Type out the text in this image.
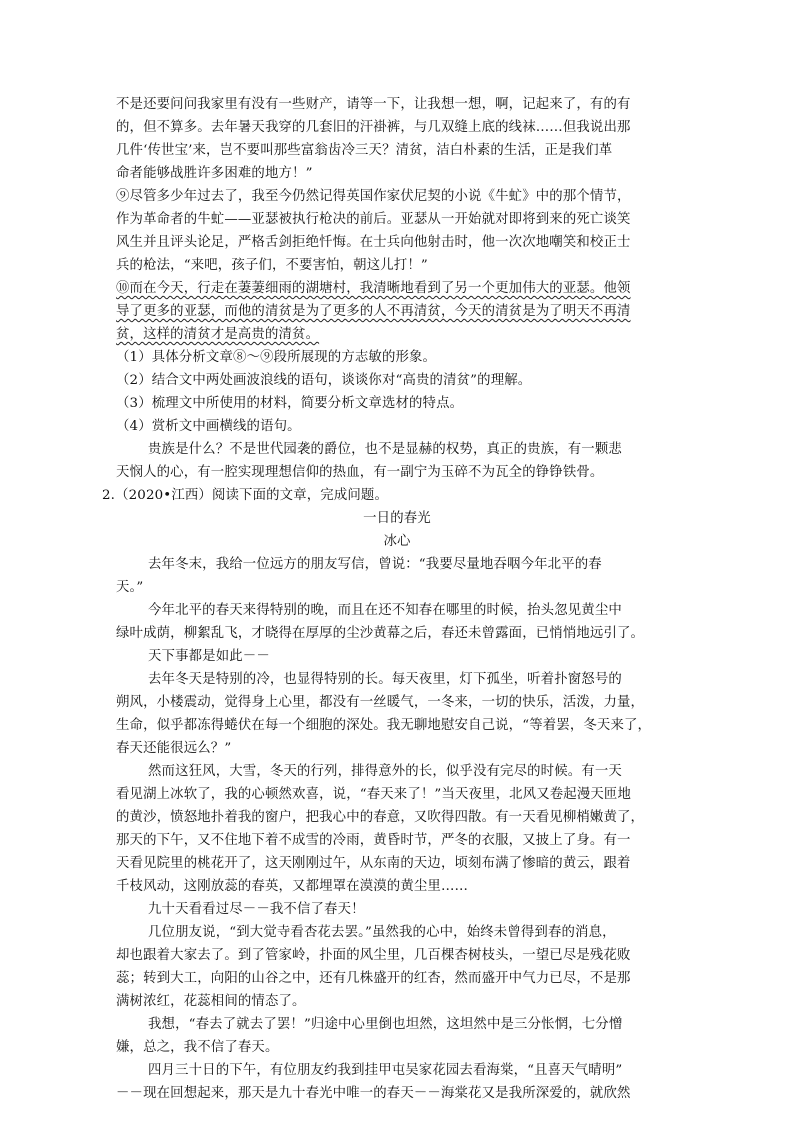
不是还要问问我家里有没有一些财产，请等一下，让我想一想，啊，记起来了，有的有
的，但不算多。去年暑天我穿的几套旧的汗褂裤，与几双缝上底的线袜……但我说出那
几件‘传世宝’来，岂不要叫那些富翁齿冷三天？清贫，洁白朴素的生活，正是我们革
命者能够战胜许多困难的地方！”
⑨尽管多少年过去了，我至今仍然记得英国作家伏尼契的小说《牛虻》中的那个情节，
作为革命者的牛虻——亚瑟被执行枪决的前后。亚瑟从一开始就对即将到来的死亡谈笑
风生并且评头论足，严格舌剑拒绝忏悔。在士兵向他射击时，他一次次地嘲笑和校正士
兵的枪法，“来吧，孩子们，不要害怕，朝这儿打！”
⑩而在今天，行走在萋萋细雨的湖塘村，我清晰地看到了另一个更加伟大的亚瑟。他领
导了更多的亚瑟，而他的清贫是为了更多的人不再清贫，今天的清贫是为了明天不再清
贫，这样的清贫才是高贵的清贫。
（1）具体分析文章⑧～⑨段所展现的方志敏的形象。
（2）结合文中两处画波浪线的语句，谈谈你对“高贵的清贫”的理解。
（3）梳理文中所使用的材料，简要分析文章选材的特点。
（4）赏析文中画横线的语句。
贵族是什么？不是世代园袭的爵位，也不是显赫的权势，真正的贵族，有一颗悲
天悯人的心，有一腔实现理想信仰的热血，有一副宁为玉碎不为瓦全的铮铮铁骨。
2.（2020•江西）阅读下面的文章，完成问题。
一日的春光
冰心
去年冬末，我给一位远方的朋友写信，曾说：“我要尽量地吞咽今年北平的春
天。”
今年北平的春天来得特别的晚，而且在还不知春在哪里的时候，抬头忽见黄尘中
绿叶成荫，柳絮乱飞，才晓得在厚厚的尘沙黄幕之后，春还未曾露面，已悄悄地远引了。
天下事都是如此－－
去年冬天是特别的冷，也显得特别的长。每天夜里，灯下孤坐，听着扑窗怒号的
朔风，小楼震动，觉得身上心里，都没有一丝暖气，一冬来，一切的快乐，活泼，力量，
生命，似乎都冻得蜷伏在每一个细胞的深处。我无聊地慰安自己说，“等着罢，冬天来了，
春天还能很远么？”
然而这狂风，大雪，冬天的行列，排得意外的长，似乎没有完尽的时候。有一天
看见湖上冰软了，我的心顿然欢喜，说，“春天来了！”当天夜里，北风又卷起漫天匝地
的黄沙，愤怒地扑着我的窗户，把我心中的春意，又吹得四散。有一天看见柳梢嫩黄了，
那天的下午，又不住地下着不成雪的冷雨，黄昏时节，严冬的衣服，又披上了身。有一
天看见院里的桃花开了，这天刚刚过午，从东南的天边，顷刻布满了惨暗的黄云，跟着
千枝风动，这刚放蕊的春英，又都埋罩在漠漠的黄尘里……
九十天看看过尽－－我不信了春天！
几位朋友说，“到大觉寺看杏花去罢。”虽然我的心中，始终未曾得到春的消息，
却也跟着大家去了。到了管家岭，扑面的风尘里，几百棵杏树枝头，一望已尽是残花败
蕊；转到大工，向阳的山谷之中，还有几株盛开的红杏，然而盛开中气力已尽，不是那
满树浓红，花蕊相间的情态了。
我想，“春去了就去了罢！”归途中心里倒也坦然，这坦然中是三分怅惘，七分憎
嫌，总之，我不信了春天。
四月三十日的下午，有位朋友约我到挂甲屯吴家花园去看海棠，“且喜天气晴明”
－－现在回想起来，那天是九十春光中唯一的春天－－海棠花又是我所深爱的，就欣然
